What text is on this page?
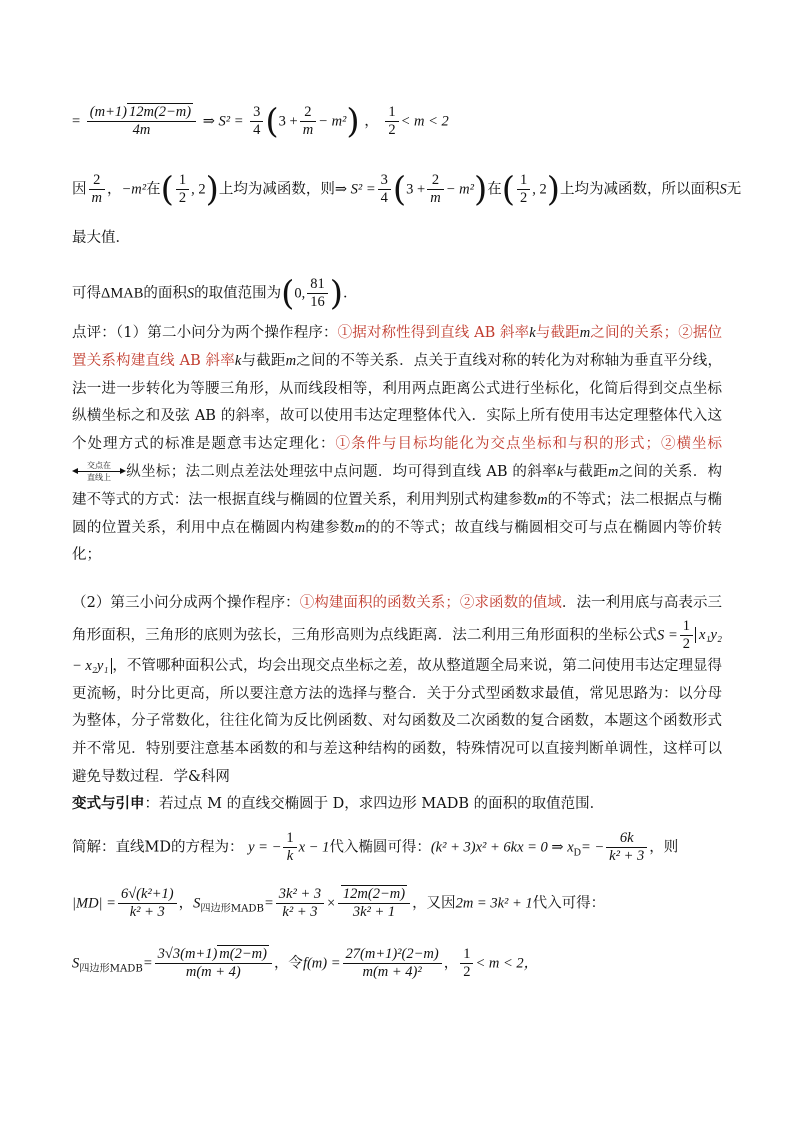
= $\frac{(m+1) 12m(2-m)}{4m}$ ⇒ $S^2 = \frac{3}{4} (3 + \frac{2}{m} - m^2)$ ， $\frac{1}{2} < m < 2$
因 $\frac{2}{m}$ ，−m²在( $\frac{1}{2}$ , 2)上均为减函数，则⇒ $S^2 = \frac{3}{4} (3 + \frac{2}{m} - m^2)$在( $\frac{1}{2}$ , 2)上均为减函数，所以面积S无
最大值．
可得ΔMAB的面积S的取值范围为(0, $\frac{81}{16}$ )．
点评：（1）第二小问分为两个操作程序：①据对称性得到直线 AB 斜率k与截距m之间的关系；②据位置关系构建直线 AB 斜率k与截距m之间的不等关系．点关于直线对称的转化为对称轴为垂直平分线，法一进一步转化为等腰三角形，从而线段相等，利用两点距离公式进行坐标化，化简后得到交点坐标纵横坐标之和及弦 AB 的斜率，故可以使用韦达定理整体代入．实际上所有使用韦达定理整体代入这个处理方式的标准是题意韦达定理化：①条件与目标均能化为交点坐标和与积的形式；②横坐标交点在
直线上 纵坐标；法二则点差法处理弦中点问题．均可得到直线 AB 的斜率k与截距m之间的关系．构建不等式的方式：法一根据直线与椭圆的位置关系，利用判别式构建参数m的不等式；法二根据点与椭圆的位置关系，利用中点在椭圆内构建参数m的的不等式；故直线与椭圆相交可与点在椭圆内等价转化；
（2）第三小问分成两个操作程序：①构建面积的函数关系；②求函数的值域．法一利用底与高表示三角形面积，三角形的底则为弦长，三角形高则为点线距离．法二利用三角形面积的坐标公式$S = \frac{1}{2} x_1y_2 - x_2y_1$ ，不管哪种面积公式，均会出现交点坐标之差，故从整道题全局来说，第二问使用韦达定理显得更流畅，时分比更高，所以要注意方法的选择与整合．关于分式型函数求最值，常见思路为：以分母为整体，分子常数化，往往化简为反比例函数、对勾函数及二次函数的复合函数，本题这个函数形式并不常见．特别要注意基本函数的和与差这种结构的函数，特殊情况可以直接判断单调性，这样可以避免导数过程．学&科网
变式与引申：若过点 M 的直线交椭圆于 D，求四边形 MADB 的面积的取值范围．
简解：直线MD的方程为： y = − $\frac{1}{k}$ x − 1代入椭圆可得：(k² + 3)x² + 6kx = 0 ⇒ $x_D= - \frac{6k}{\text{k² + 3}}$ ，则
$|MD| = \frac{\text{6√(k²+1)}}{\text{k² + 3}}$ ，$S_{四边形MADB}= \frac{\text{3k² + 3}}{\text{k² + 3}} \times \frac{12m(2-m)}{\text{3k² + 1}}$ ，又因2m = 3k² + 1代入可得：
$S_{四边形MADB}= \frac{3√3(m+1) m(2-m)}{m(m + 4)}$ ，令$f(m) = \frac{\text{27(m+1)²(2−m)}}{\text{m(m + 4)²}}$ ， $\frac{1}{2} < m < 2$，
